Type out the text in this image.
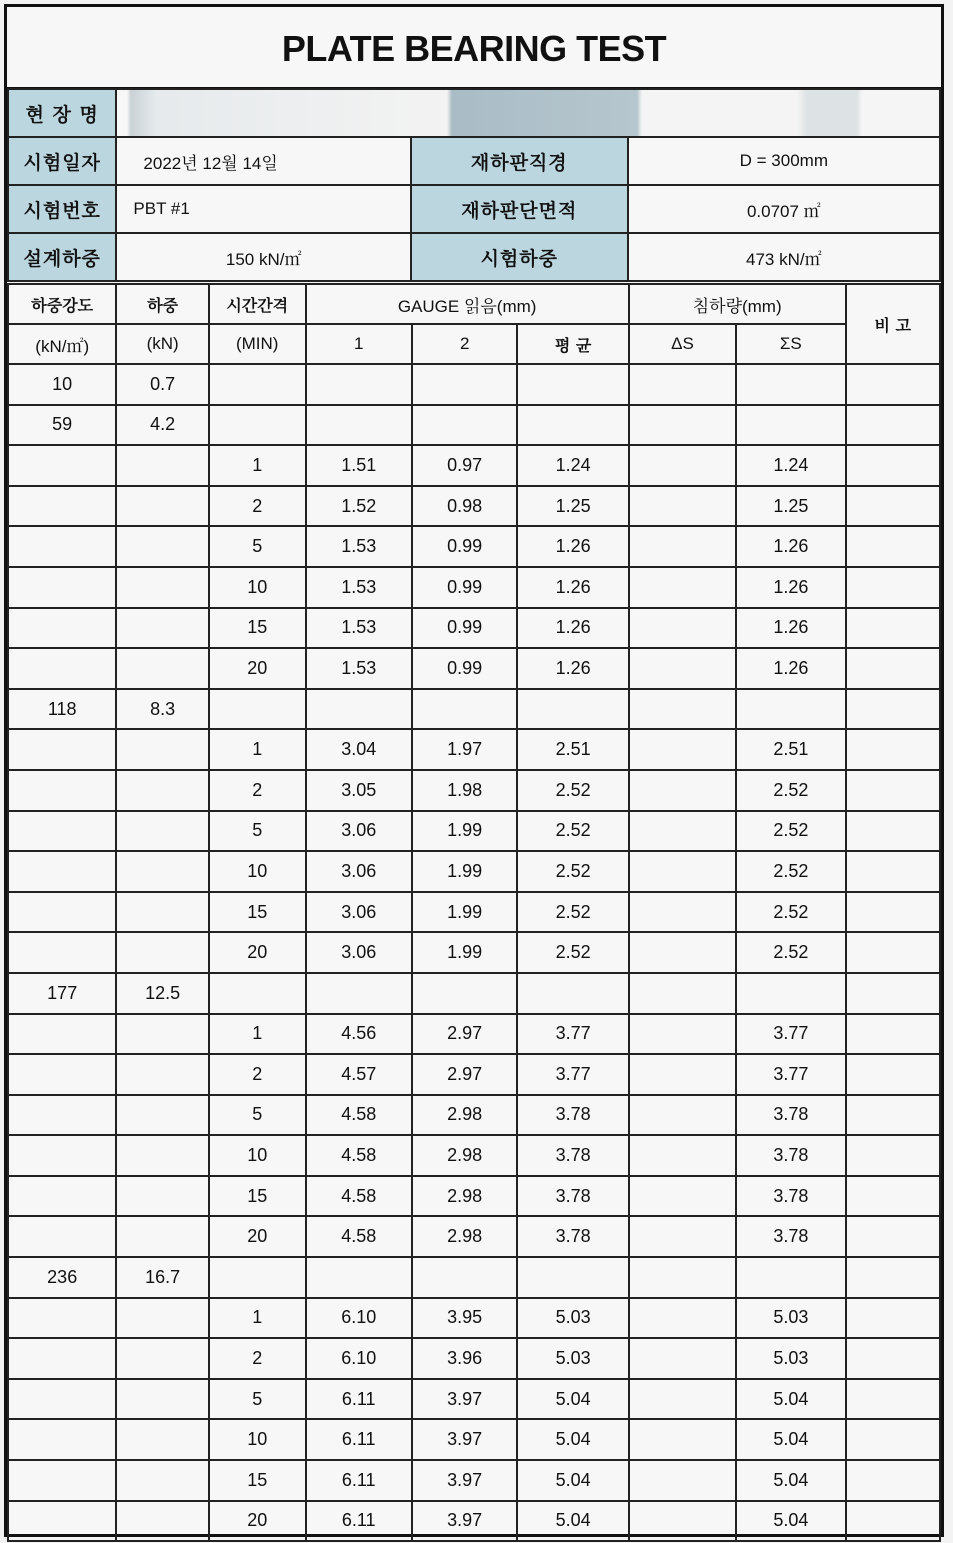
PLATE BEARING TEST
현 장 명			
시험일자	2022년 12월 14일	재하판직경	D = 300mm
시험번호	PBT #1	재하판단면적	0.0707 ㎡
설계하중	150 kN/㎡	시험하중	473 kN/㎡
하중강도	하중	시간간격	GAUGE 읽음(mm)			침하량(mm)		비 고
(kN/㎡)	(kN)	(MIN)	1	2	평 균	ΔS	ΣS	
10	0.7							
59	4.2							
		1	1.51	0.97	1.24		1.24	
		2	1.52	0.98	1.25		1.25	
		5	1.53	0.99	1.26		1.26	
		10	1.53	0.99	1.26		1.26	
		15	1.53	0.99	1.26		1.26	
		20	1.53	0.99	1.26		1.26	
118	8.3							
		1	3.04	1.97	2.51		2.51	
		2	3.05	1.98	2.52		2.52	
		5	3.06	1.99	2.52		2.52	
		10	3.06	1.99	2.52		2.52	
		15	3.06	1.99	2.52		2.52	
		20	3.06	1.99	2.52		2.52	
177	12.5							
		1	4.56	2.97	3.77		3.77	
		2	4.57	2.97	3.77		3.77	
		5	4.58	2.98	3.78		3.78	
		10	4.58	2.98	3.78		3.78	
		15	4.58	2.98	3.78		3.78	
		20	4.58	2.98	3.78		3.78	
236	16.7							
		1	6.10	3.95	5.03		5.03	
		2	6.10	3.96	5.03		5.03	
		5	6.11	3.97	5.04		5.04	
		10	6.11	3.97	5.04		5.04	
		15	6.11	3.97	5.04		5.04	
		20	6.11	3.97	5.04		5.04	
